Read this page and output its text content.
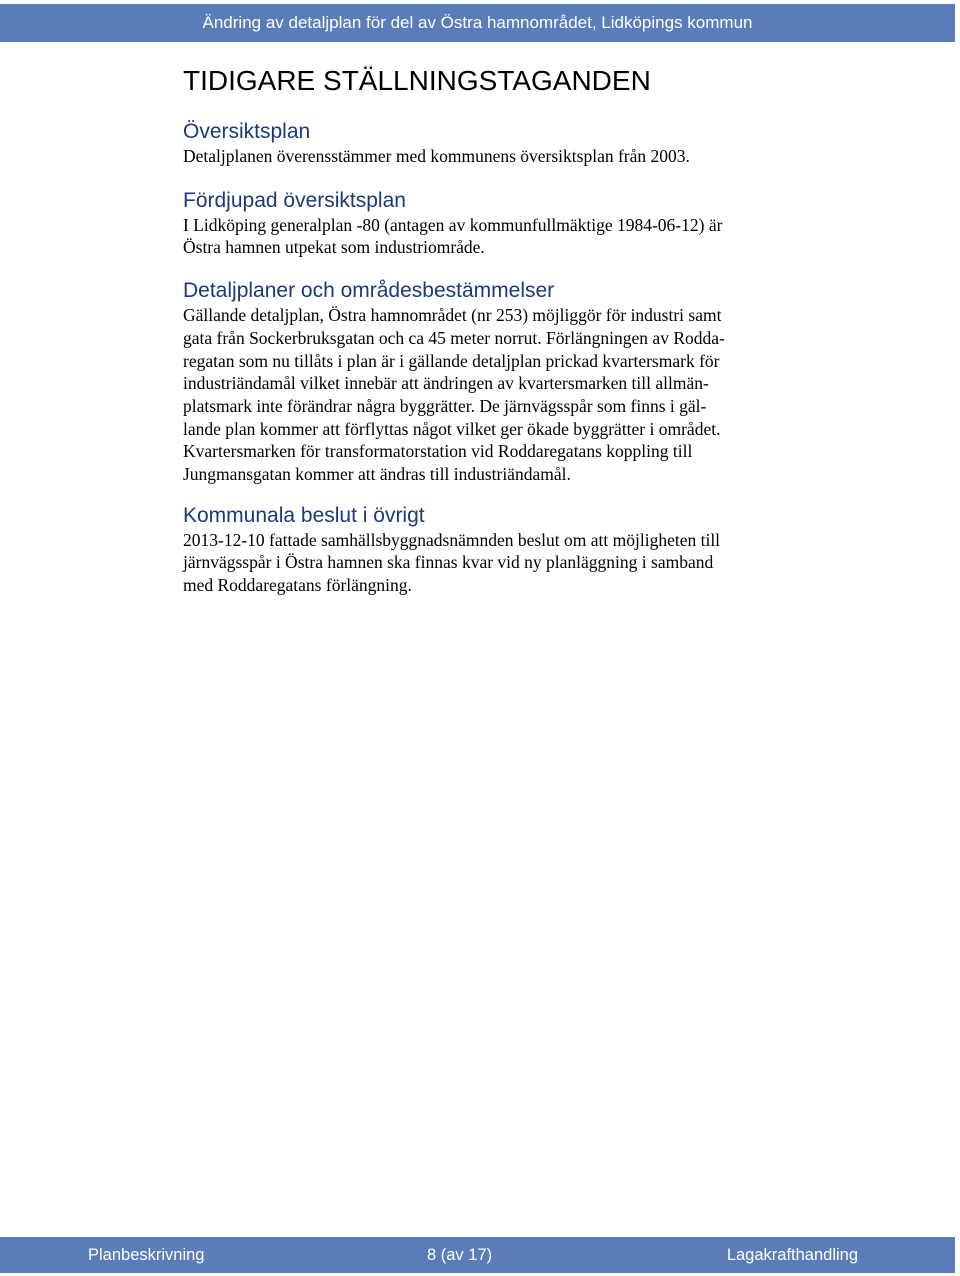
Ändring av detaljplan för del av Östra hamnområdet, Lidköpings kommun
TIDIGARE STÄLLNINGSTAGANDEN
Översiktsplan

Detaljplanen överensstämmer med kommunens översiktsplan från 2003.

Fördjupad översiktsplan

I Lidköping generalplan -80 (antagen av kommunfullmäktige 1984-06-12) är

Östra hamnen utpekat som industriområde.

Detaljplaner och områdesbestämmelser

Gällande detaljplan, Östra hamnområdet (nr 253) möjliggör för industri samt

gata från Sockerbruksgatan och ca 45 meter norrut. Förlängningen av Rodda-

regatan som nu tillåts i plan är i gällande detaljplan prickad kvartersmark för

industriändamål vilket innebär att ändringen av kvartersmarken till allmän-

platsmark inte förändrar några byggrätter. De järnvägsspår som finns i gäl-

lande plan kommer att förflyttas något vilket ger ökade byggrätter i området.

Kvartersmarken för transformatorstation vid Roddaregatans koppling till

Jungmansgatan kommer att ändras till industriändamål.

Kommunala beslut i övrigt

2013-12-10 fattade samhällsbyggnadsnämnden beslut om att möjligheten till

järnvägsspår i Östra hamnen ska finnas kvar vid ny planläggning i samband

med Roddaregatans förlängning.

Planbeskrivning	8 (av 17)	Lagakrafthandling
